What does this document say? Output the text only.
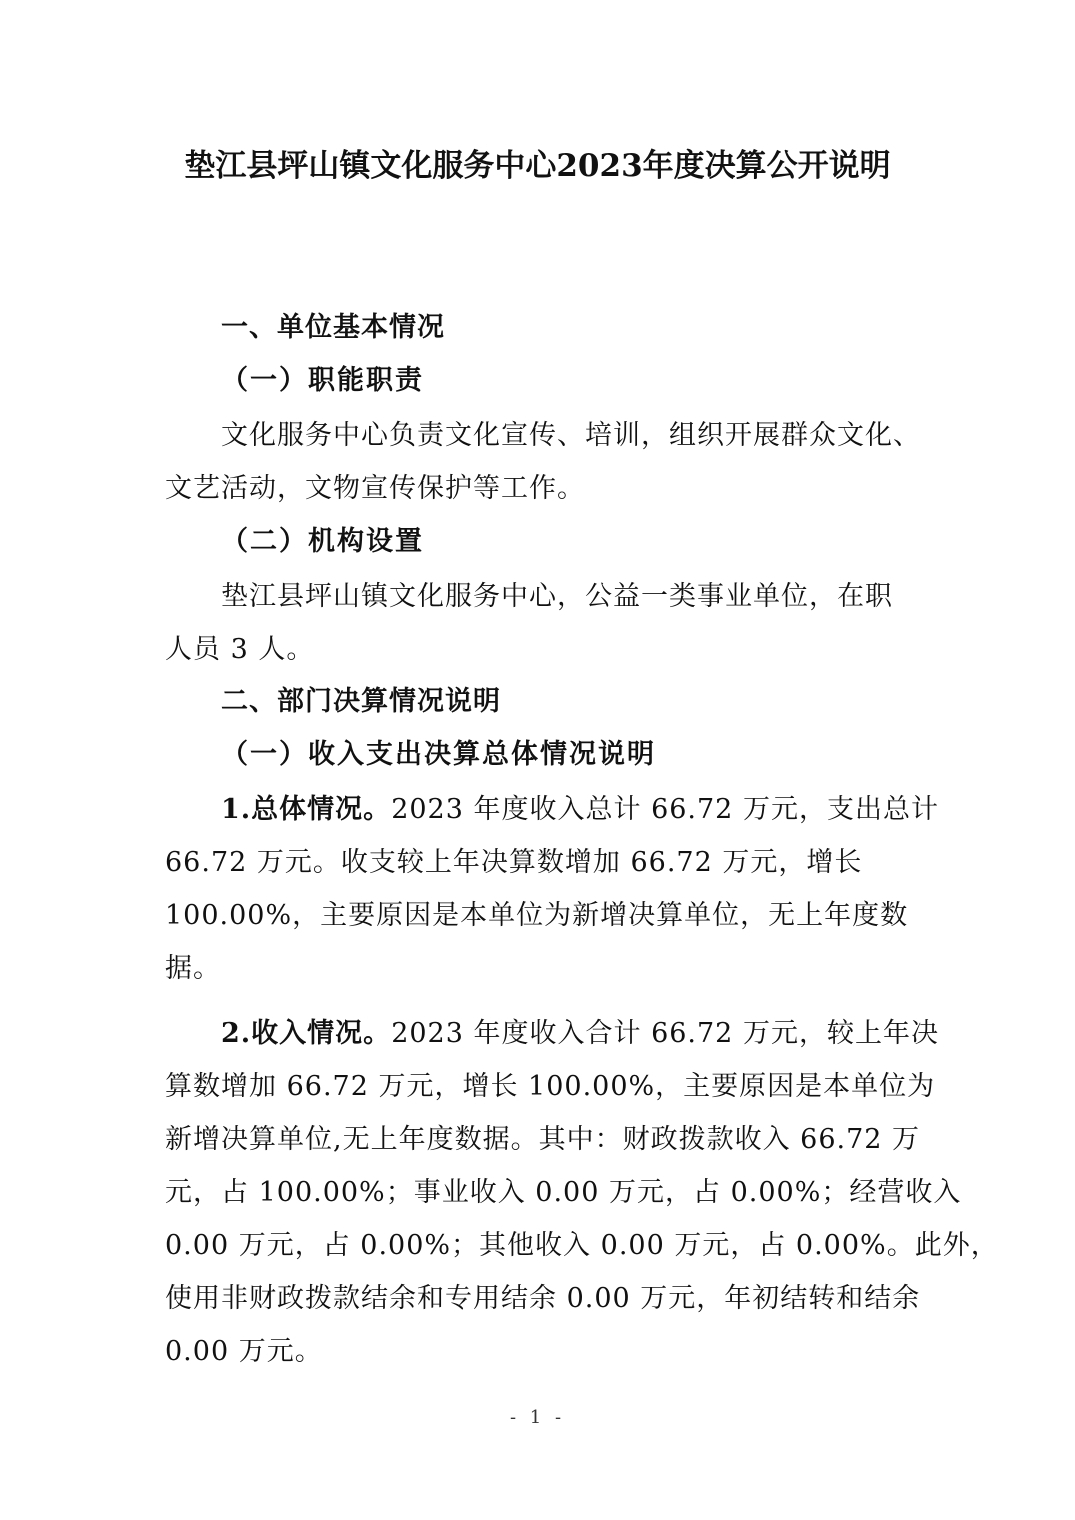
垫江县坪山镇文化服务中心2023年度决算公开说明
一、单位基本情况
（一）职能职责
文化服务中心负责文化宣传、培训，组织开展群众文化、
文艺活动，文物宣传保护等工作。
（二）机构设置
垫江县坪山镇文化服务中心，公益一类事业单位，在职
人员 3 人。
二、部门决算情况说明
（一）收入支出决算总体情况说明
1.总体情况。2023 年度收入总计 66.72 万元，支出总计
66.72 万元。收支较上年决算数增加 66.72 万元，增长
100.00%，主要原因是本单位为新增决算单位，无上年度数
据。
2.收入情况。2023 年度收入合计 66.72 万元，较上年决
算数增加 66.72 万元，增长 100.00%，主要原因是本单位为
新增决算单位,无上年度数据。其中：财政拨款收入 66.72 万
元，占 100.00%；事业收入 0.00 万元，占 0.00%；经营收入
0.00 万元，占 0.00%；其他收入 0.00 万元，占 0.00%。此外，
使用非财政拨款结余和专用结余 0.00 万元，年初结转和结余
0.00 万元。
- 1 -
